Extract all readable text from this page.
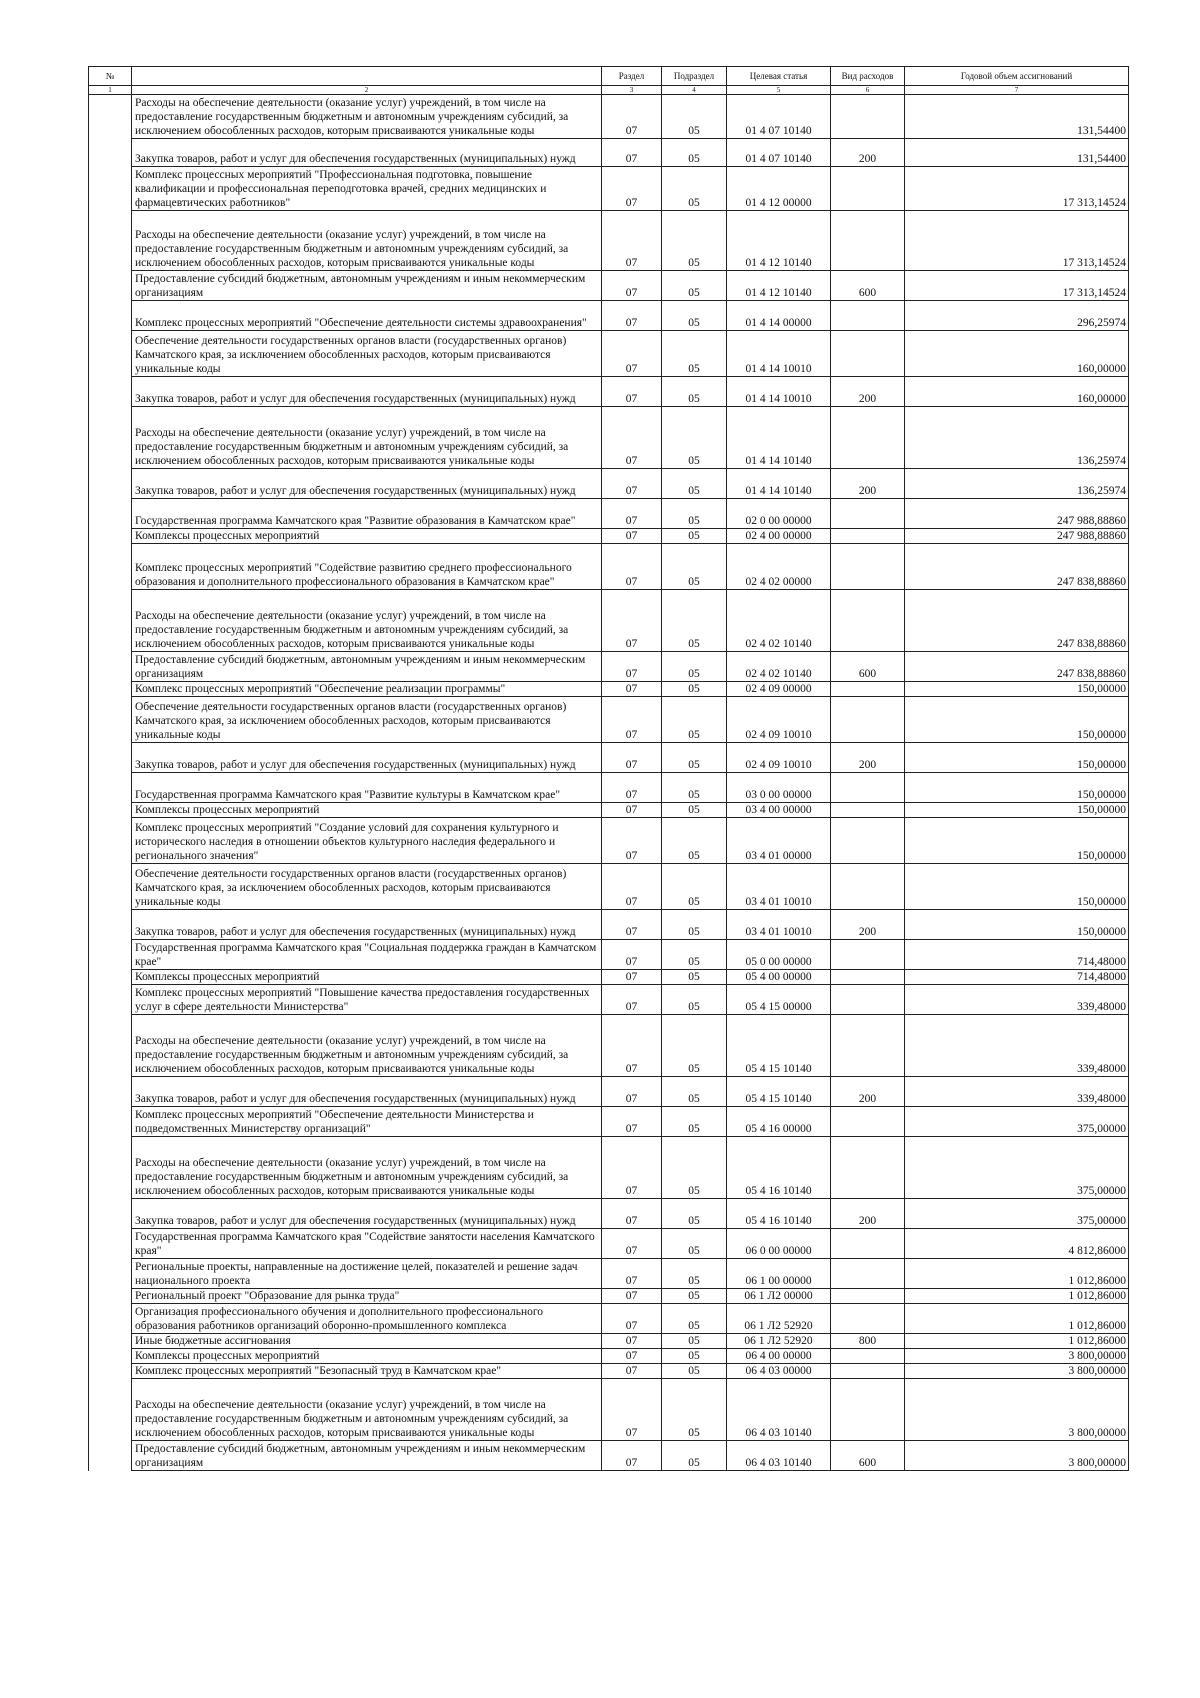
№		Раздел	Подраздел	Целевая статья	Вид расходов	Годовой объем ассигнований
1	2	3	4	5	6	7
	Расходы на обеспечение деятельности (оказание услуг) учреждений, в том числе на предоставление государственным бюджетным и автономным учреждениям субсидий, за исключением обособленных расходов, которым присваиваются уникальные коды	07	05	01 4 07 10140		131,54400
	Закупка товаров, работ и услуг для обеспечения государственных (муниципальных) нужд	07	05	01 4 07 10140	200	131,54400
	Комплекс процессных мероприятий "Профессиональная подготовка, повышение квалификации и профессиональная переподготовка врачей, средних медицинских и фармацевтических работников"	07	05	01 4 12 00000		17 313,14524
	Расходы на обеспечение деятельности (оказание услуг) учреждений, в том числе на предоставление государственным бюджетным и автономным учреждениям субсидий, за исключением обособленных расходов, которым присваиваются уникальные коды	07	05	01 4 12 10140		17 313,14524
	Предоставление субсидий бюджетным, автономным учреждениям и иным некоммерческим организациям	07	05	01 4 12 10140	600	17 313,14524
	Комплекс процессных мероприятий "Обеспечение деятельности системы здравоохранения"	07	05	01 4 14 00000		296,25974
	Обеспечение деятельности государственных органов власти (государственных органов) Камчатского края, за исключением обособленных расходов, которым присваиваются уникальные коды	07	05	01 4 14 10010		160,00000
	Закупка товаров, работ и услуг для обеспечения государственных (муниципальных) нужд	07	05	01 4 14 10010	200	160,00000
	Расходы на обеспечение деятельности (оказание услуг) учреждений, в том числе на предоставление государственным бюджетным и автономным учреждениям субсидий, за исключением обособленных расходов, которым присваиваются уникальные коды	07	05	01 4 14 10140		136,25974
	Закупка товаров, работ и услуг для обеспечения государственных (муниципальных) нужд	07	05	01 4 14 10140	200	136,25974
	Государственная программа Камчатского края "Развитие образования в Камчатском крае"	07	05	02 0 00 00000		247 988,88860
	Комплексы процессных мероприятий	07	05	02 4 00 00000		247 988,88860
	Комплекс процессных мероприятий "Содействие развитию среднего профессионального образования и дополнительного профессионального образования в Камчатском крае"	07	05	02 4 02 00000		247 838,88860
	Расходы на обеспечение деятельности (оказание услуг) учреждений, в том числе на предоставление государственным бюджетным и автономным учреждениям субсидий, за исключением обособленных расходов, которым присваиваются уникальные коды	07	05	02 4 02 10140		247 838,88860
	Предоставление субсидий бюджетным, автономным учреждениям и иным некоммерческим организациям	07	05	02 4 02 10140	600	247 838,88860
	Комплекс процессных мероприятий "Обеспечение реализации программы"	07	05	02 4 09 00000		150,00000
	Обеспечение деятельности государственных органов власти (государственных органов) Камчатского края, за исключением обособленных расходов, которым присваиваются уникальные коды	07	05	02 4 09 10010		150,00000
	Закупка товаров, работ и услуг для обеспечения государственных (муниципальных) нужд	07	05	02 4 09 10010	200	150,00000
	Государственная программа Камчатского края "Развитие культуры в Камчатском крае"	07	05	03 0 00 00000		150,00000
	Комплексы процессных мероприятий	07	05	03 4 00 00000		150,00000
	Комплекс процессных мероприятий "Создание условий для сохранения культурного и исторического наследия в отношении объектов культурного наследия федерального и регионального значения"	07	05	03 4 01 00000		150,00000
	Обеспечение деятельности государственных органов власти (государственных органов) Камчатского края, за исключением обособленных расходов, которым присваиваются уникальные коды	07	05	03 4 01 10010		150,00000
	Закупка товаров, работ и услуг для обеспечения государственных (муниципальных) нужд	07	05	03 4 01 10010	200	150,00000
	Государственная программа Камчатского края "Социальная поддержка граждан в Камчатском крае"	07	05	05 0 00 00000		714,48000
	Комплексы процессных мероприятий	07	05	05 4 00 00000		714,48000
	Комплекс процессных мероприятий "Повышение качества предоставления государственных услуг в сфере деятельности Министерства"	07	05	05 4 15 00000		339,48000
	Расходы на обеспечение деятельности (оказание услуг) учреждений, в том числе на предоставление государственным бюджетным и автономным учреждениям субсидий, за исключением обособленных расходов, которым присваиваются уникальные коды	07	05	05 4 15 10140		339,48000
	Закупка товаров, работ и услуг для обеспечения государственных (муниципальных) нужд	07	05	05 4 15 10140	200	339,48000
	Комплекс процессных мероприятий "Обеспечение деятельности Министерства и подведомственных Министерству организаций"	07	05	05 4 16 00000		375,00000
	Расходы на обеспечение деятельности (оказание услуг) учреждений, в том числе на предоставление государственным бюджетным и автономным учреждениям субсидий, за исключением обособленных расходов, которым присваиваются уникальные коды	07	05	05 4 16 10140		375,00000
	Закупка товаров, работ и услуг для обеспечения государственных (муниципальных) нужд	07	05	05 4 16 10140	200	375,00000
	Государственная программа Камчатского края "Содействие занятости населения Камчатского края"	07	05	06 0 00 00000		4 812,86000
	Региональные проекты, направленные на достижение целей, показателей и решение задач национального проекта	07	05	06 1 00 00000		1 012,86000
	Региональный проект "Образование для рынка труда"	07	05	06 1 Л2 00000		1 012,86000
	Организация профессионального обучения и дополнительного профессионального образования работников организаций оборонно-промышленного комплекса	07	05	06 1 Л2 52920		1 012,86000
	Иные бюджетные ассигнования	07	05	06 1 Л2 52920	800	1 012,86000
	Комплексы процессных мероприятий	07	05	06 4 00 00000		3 800,00000
	Комплекс процессных мероприятий "Безопасный труд в Камчатском крае"	07	05	06 4 03 00000		3 800,00000
	Расходы на обеспечение деятельности (оказание услуг) учреждений, в том числе на предоставление государственным бюджетным и автономным учреждениям субсидий, за исключением обособленных расходов, которым присваиваются уникальные коды	07	05	06 4 03 10140		3 800,00000
	Предоставление субсидий бюджетным, автономным учреждениям и иным некоммерческим организациям	07	05	06 4 03 10140	600	3 800,00000
